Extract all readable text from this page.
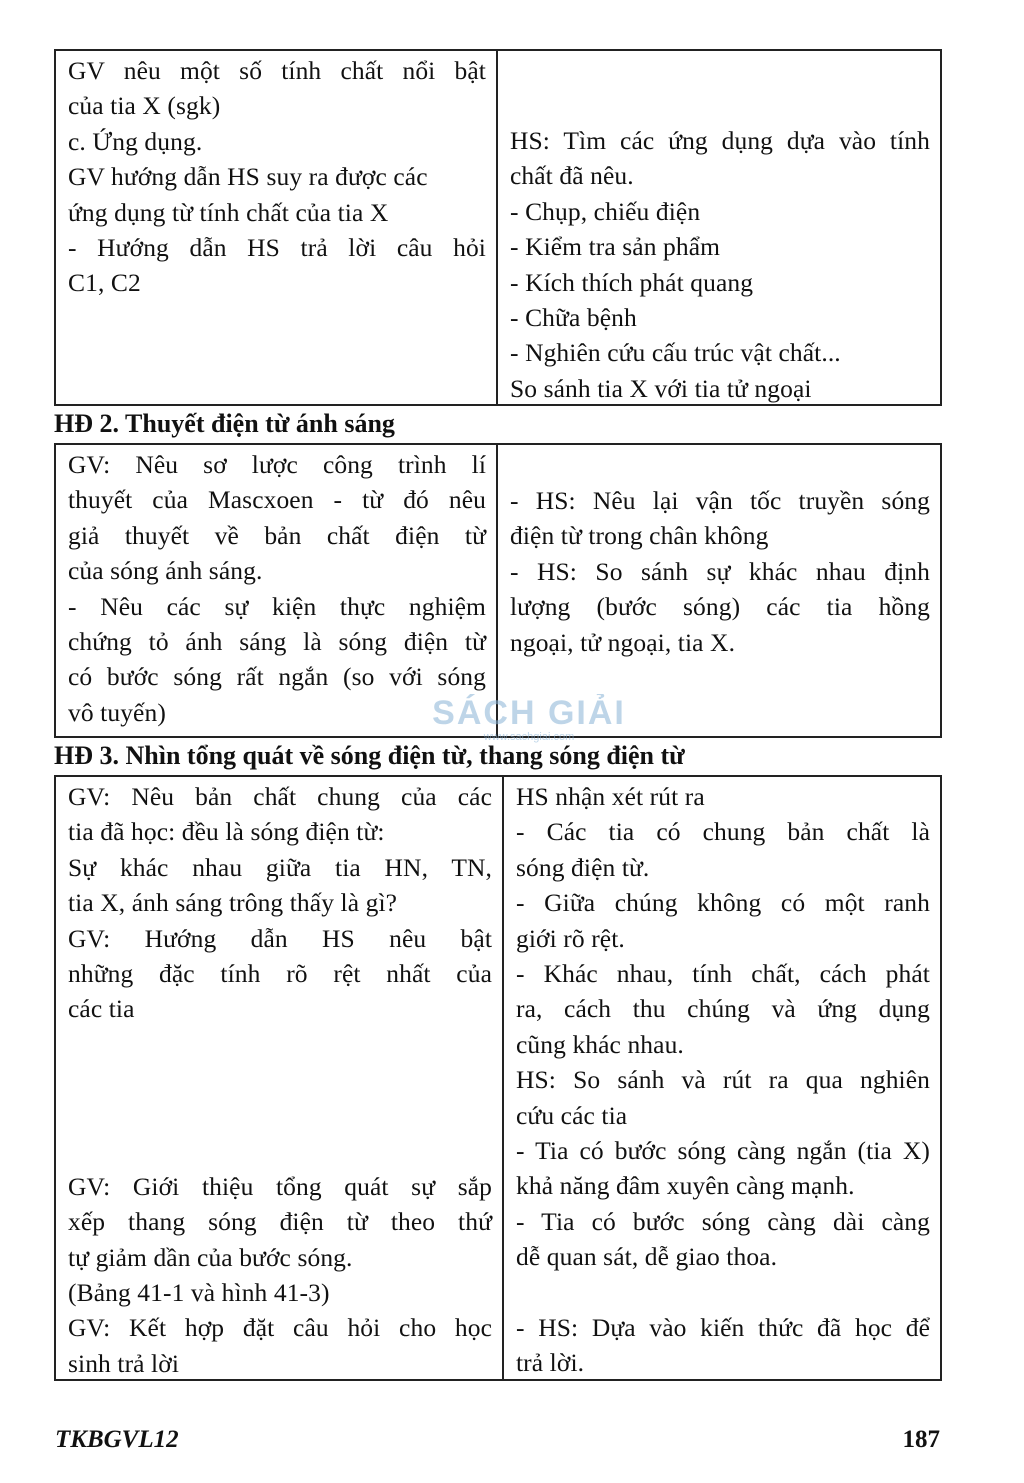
GV nêu một số tính chất nổi bật
của tia X (sgk)
c. Ứng dụng.
GV hướng dẫn HS suy ra được các
ứng dụng từ tính chất của tia X
- Hướng dẫn HS trả lời câu hỏi
C1, C2
HS: Tìm các ứng dụng dựa vào tính
chất đã nêu.
- Chụp, chiếu điện
- Kiểm tra sản phẩm
- Kích thích phát quang
- Chữa bệnh
- Nghiên cứu cấu trúc vật chất...
So sánh tia X với tia tử ngoại
HĐ 2. Thuyết điện từ ánh sáng
GV: Nêu sơ lược công trình lí
thuyết của Mascxoen - từ đó nêu
giả thuyết về bản chất điện từ
của sóng ánh sáng.
- Nêu các sự kiện thực nghiệm
chứng tỏ ánh sáng là sóng điện từ
có bước sóng rất ngắn (so với sóng
vô tuyến)
- HS: Nêu lại vận tốc truyền sóng
điện từ trong chân không
- HS: So sánh sự khác nhau định
lượng (bước sóng) các tia hồng
ngoại, tử ngoại, tia X.
HĐ 3. Nhìn tổng quát về sóng điện từ, thang sóng điện từ
GV: Nêu bản chất chung của các
tia đã học: đều là sóng điện từ:
Sự khác nhau giữa tia HN, TN,
tia X, ánh sáng trông thấy là gì?
GV: Hướng dẫn HS nêu bật
những đặc tính rõ rệt nhất của
các tia
GV: Giới thiệu tổng quát sự sắp
xếp thang sóng điện từ theo thứ
tự giảm dần của bước sóng.
(Bảng 41-1 và hình 41-3)
GV: Kết hợp đặt câu hỏi cho học
sinh trả lời
HS nhận xét rút ra
- Các tia có chung bản chất là
sóng điện từ.
- Giữa chúng không có một ranh
giới rõ rệt.
- Khác nhau, tính chất, cách phát
ra, cách thu chúng và ứng dụng
cũng khác nhau.
HS: So sánh và rút ra qua nghiên
cứu các tia
- Tia có bước sóng càng ngắn (tia X)
khả năng đâm xuyên càng mạnh.
- Tia có bước sóng càng dài càng
dễ quan sát, dễ giao thoa.
- HS: Dựa vào kiến thức đã học để
trả lời.
SÁCH GIẢI
www.sachgiai.com
TKBGVL12	187
